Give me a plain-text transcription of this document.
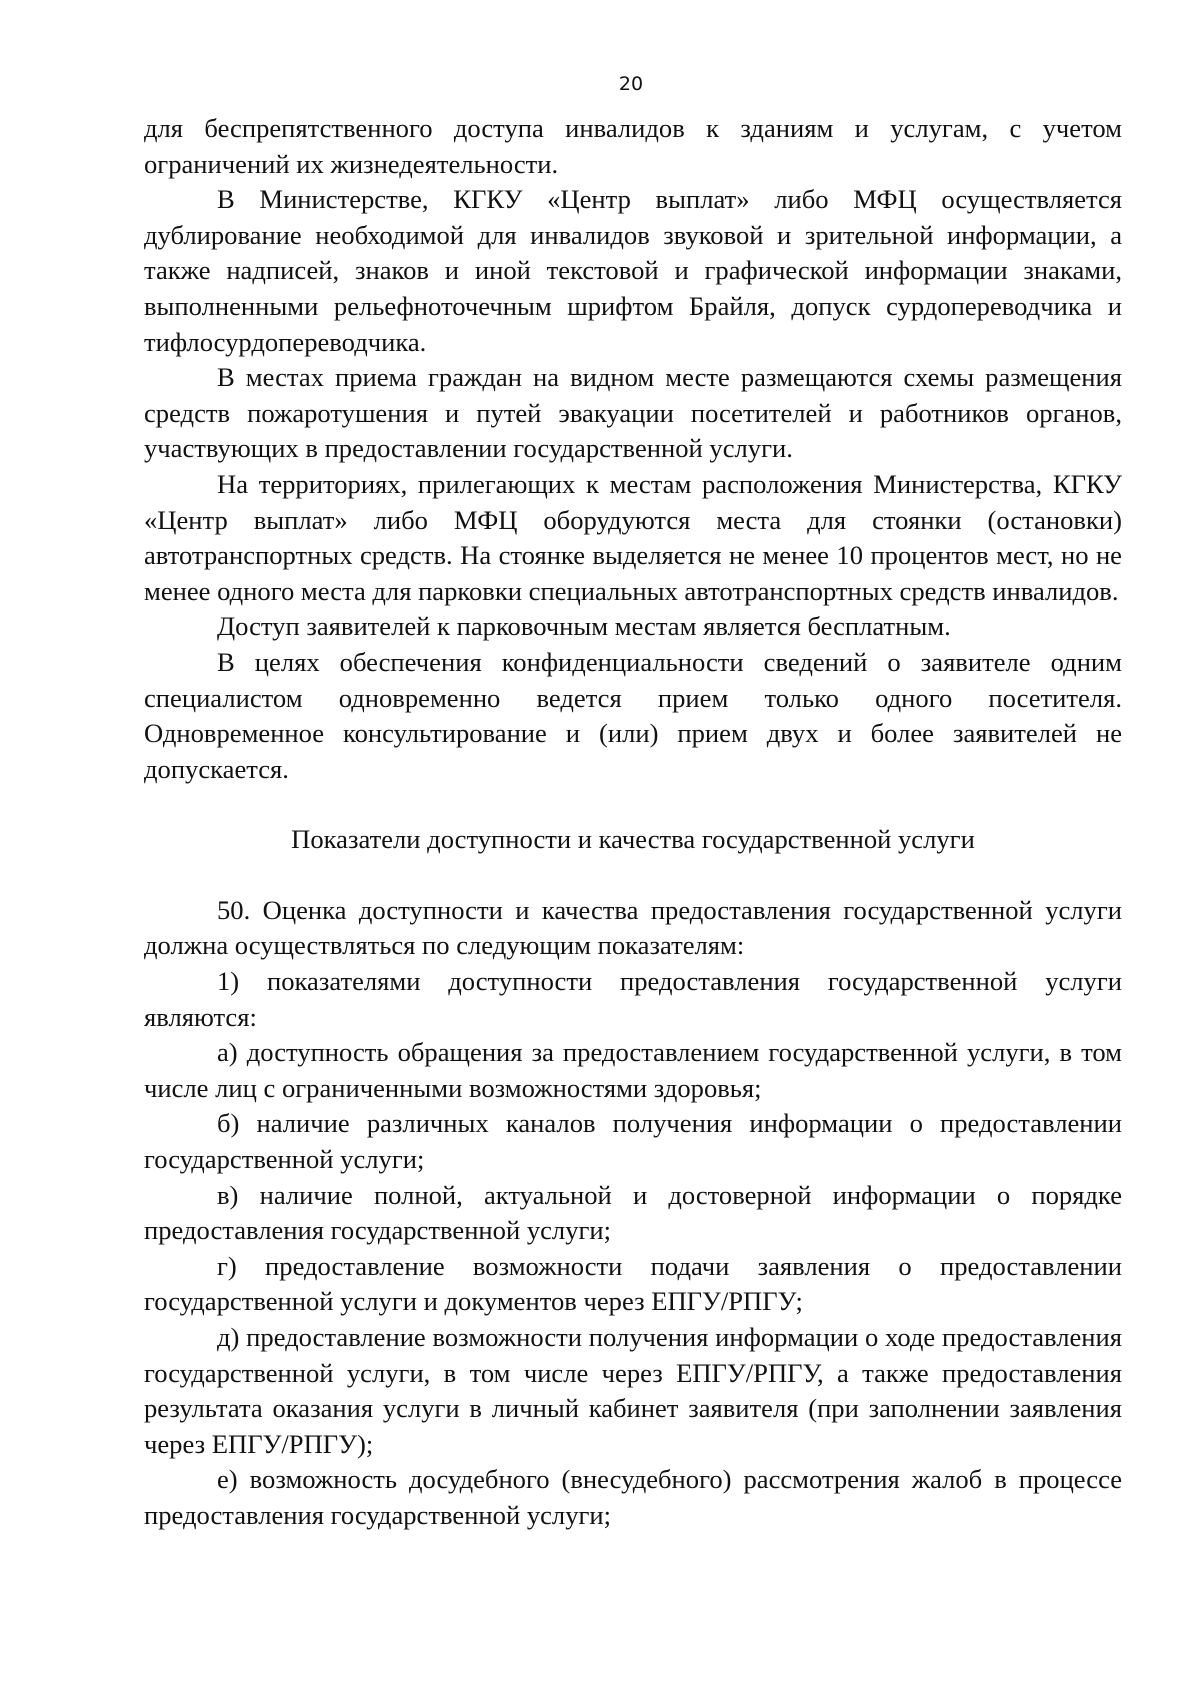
20

для беспрепятственного доступа инвалидов к зданиям и услугам, с учетом ограничений их жизнедеятельности.

В Министерстве, КГКУ «Центр выплат» либо МФЦ осуществляется дублирование необходимой для инвалидов звуковой и зрительной информации, а также надписей, знаков и иной текстовой и графической информации знаками, выполненными рельефноточечным шрифтом Брайля, допуск сурдопереводчика и тифлосурдопереводчика.

В местах приема граждан на видном месте размещаются схемы размещения средств пожаротушения и путей эвакуации посетителей и работников органов, участвующих в предоставлении государственной услуги.

На территориях, прилегающих к местам расположения Министерства, КГКУ «Центр выплат» либо МФЦ оборудуются места для стоянки (остановки) автотранспортных средств. На стоянке выделяется не менее 10 процентов мест, но не менее одного места для парковки специальных автотранспортных средств инвалидов.

Доступ заявителей к парковочным местам является бесплатным.

В целях обеспечения конфиденциальности сведений о заявителе одним специалистом одновременно ведется прием только одного посетителя. Одновременное консультирование и (или) прием двух и более заявителей не допускается.

Показатели доступности и качества государственной услуги

50. Оценка доступности и качества предоставления государственной услуги должна осуществляться по следующим показателям:

1) показателями доступности предоставления государственной услуги являются:

а) доступность обращения за предоставлением государственной услуги, в том числе лиц с ограниченными возможностями здоровья;

б) наличие различных каналов получения информации о предоставлении государственной услуги;

в) наличие полной, актуальной и достоверной информации о порядке предоставления государственной услуги;

г) предоставление возможности подачи заявления о предоставлении государственной услуги и документов через ЕПГУ/РПГУ;

д) предоставление возможности получения информации о ходе предоставления государственной услуги, в том числе через ЕПГУ/РПГУ, а также предоставления результата оказания услуги в личный кабинет заявителя (при заполнении заявления через ЕПГУ/РПГУ);

е) возможность досудебного (внесудебного) рассмотрения жалоб в процессе предоставления государственной услуги;
